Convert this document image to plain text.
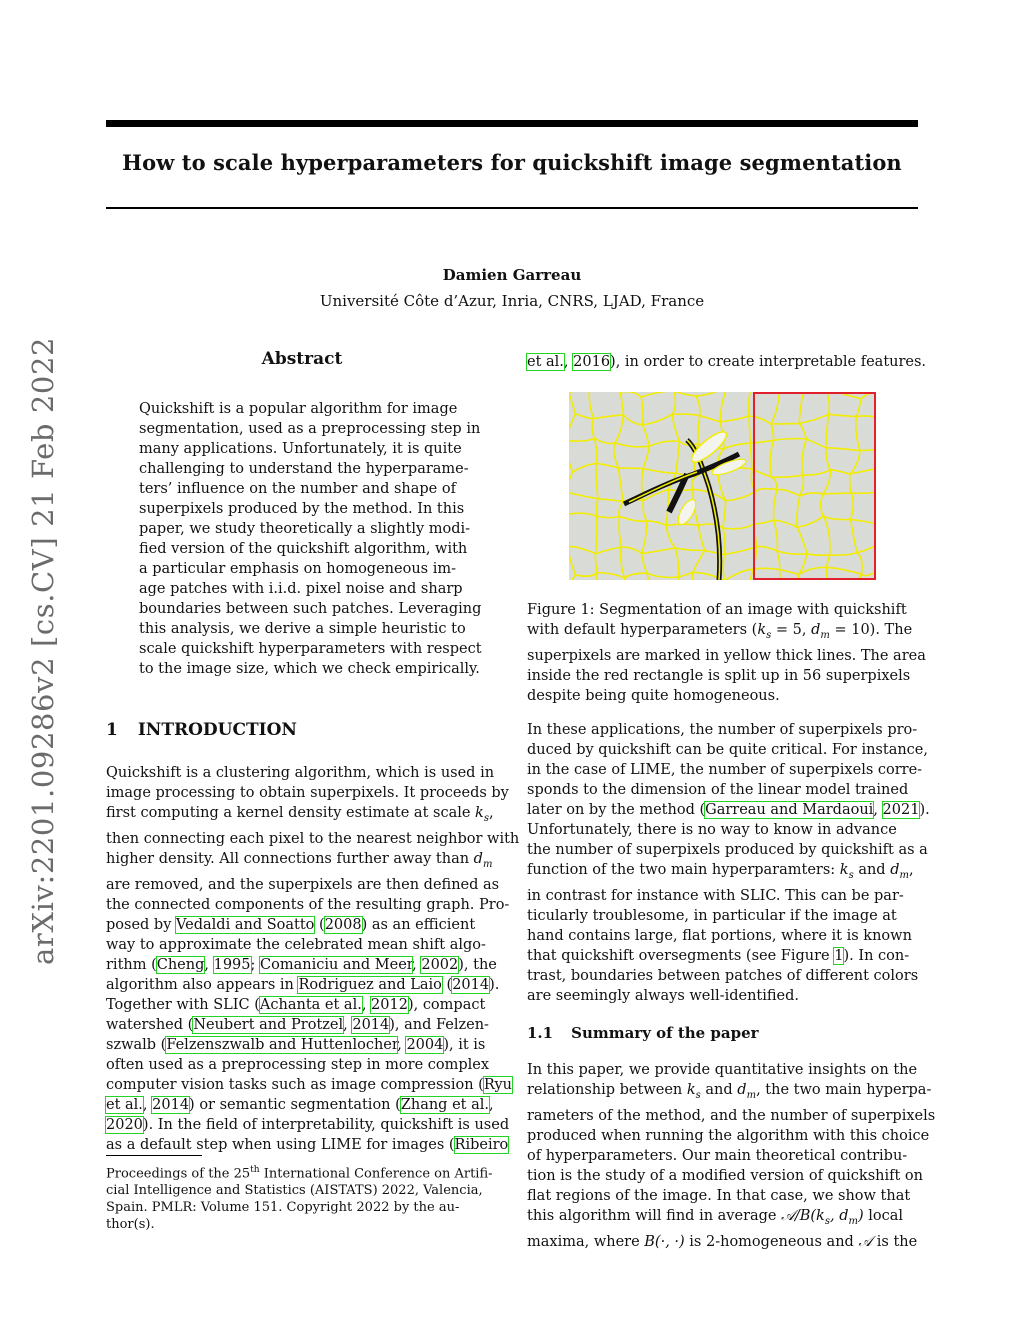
How to scale hyperparameters for quickshift image segmentation
Damien Garreau
Université Côte d’Azur, Inria, CNRS, LJAD, France
arXiv:2201.09286v2 [cs.CV] 21 Feb 2022	Abstract
Quickshift is a popular algorithm for image
segmentation, used as a preprocessing step in
many applications. Unfortunately, it is quite
challenging to understand the hyperparame-
ters’ influence on the number and shape of
superpixels produced by the method. In this
paper, we study theoretically a slightly modi-
fied version of the quickshift algorithm, with
a particular emphasis on homogeneous im-
age patches with i.i.d. pixel noise and sharp
boundaries between such patches. Leveraging
this analysis, we derive a simple heuristic to
scale quickshift hyperparameters with respect
to the image size, which we check empirically.
1 INTRODUCTION
Quickshift is a clustering algorithm, which is used in
image processing to obtain superpixels. It proceeds by
first computing a kernel density estimate at scale $k_s$,
then connecting each pixel to the nearest neighbor with
higher density. All connections further away than $d_m$
are removed, and the superpixels are then defined as
the connected components of the resulting graph. Pro-
posed by Vedaldi and Soatto (2008) as an efficient
way to approximate the celebrated mean shift algo-
rithm (Cheng, 1995; Comaniciu and Meer, 2002), the
algorithm also appears in Rodriguez and Laio (2014).
Together with SLIC (Achanta et al., 2012), compact
watershed (Neubert and Protzel, 2014), and Felzen-
szwalb (Felzenszwalb and Huttenlocher, 2004), it is
often used as a preprocessing step in more complex
computer vision tasks such as image compression (Ryu
et al., 2014) or semantic segmentation (Zhang et al.,
2020). In the field of interpretability, quickshift is used
as a default step when using LIME for images (Ribeiro
Proceedings of the 25th International Conference on Artifi-
cial Intelligence and Statistics (AISTATS) 2022, Valencia,
Spain. PMLR: Volume 151. Copyright 2022 by the au-
thor(s).
et al., 2016), in order to create interpretable features.
Figure 1: Segmentation of an image with quickshift
with default hyperparameters ($k_s = 5$, $d_m = 10$). The
superpixels are marked in yellow thick lines. The area
inside the red rectangle is split up in 56 superpixels
despite being quite homogeneous.
In these applications, the number of superpixels pro-
duced by quickshift can be quite critical. For instance,
in the case of LIME, the number of superpixels corre-
sponds to the dimension of the linear model trained
later on by the method (Garreau and Mardaoui, 2021).
Unfortunately, there is no way to know in advance
the number of superpixels produced by quickshift as a
function of the two main hyperparamters: $k_s$ and $d_m$,
in contrast for instance with SLIC. This can be par-
ticularly troublesome, in particular if the image at
hand contains large, flat portions, where it is known
that quickshift oversegments (see Figure 1). In con-
trast, boundaries between patches of different colors
are seemingly always well-identified.
1.1 Summary of the paper
In this paper, we provide quantitative insights on the
relationship between $k_s$ and $d_m$, the two main hyperpa-
rameters of the method, and the number of superpixels
produced when running the algorithm with this choice
of hyperparameters. Our main theoretical contribu-
tion is the study of a modified version of quickshift on
flat regions of the image. In that case, we show that
this algorithm will find in average $𝒜/B(k_s$, $d_m$) local
maxima, where B(·, ·) is 2-homogeneous and 𝒜 is the
